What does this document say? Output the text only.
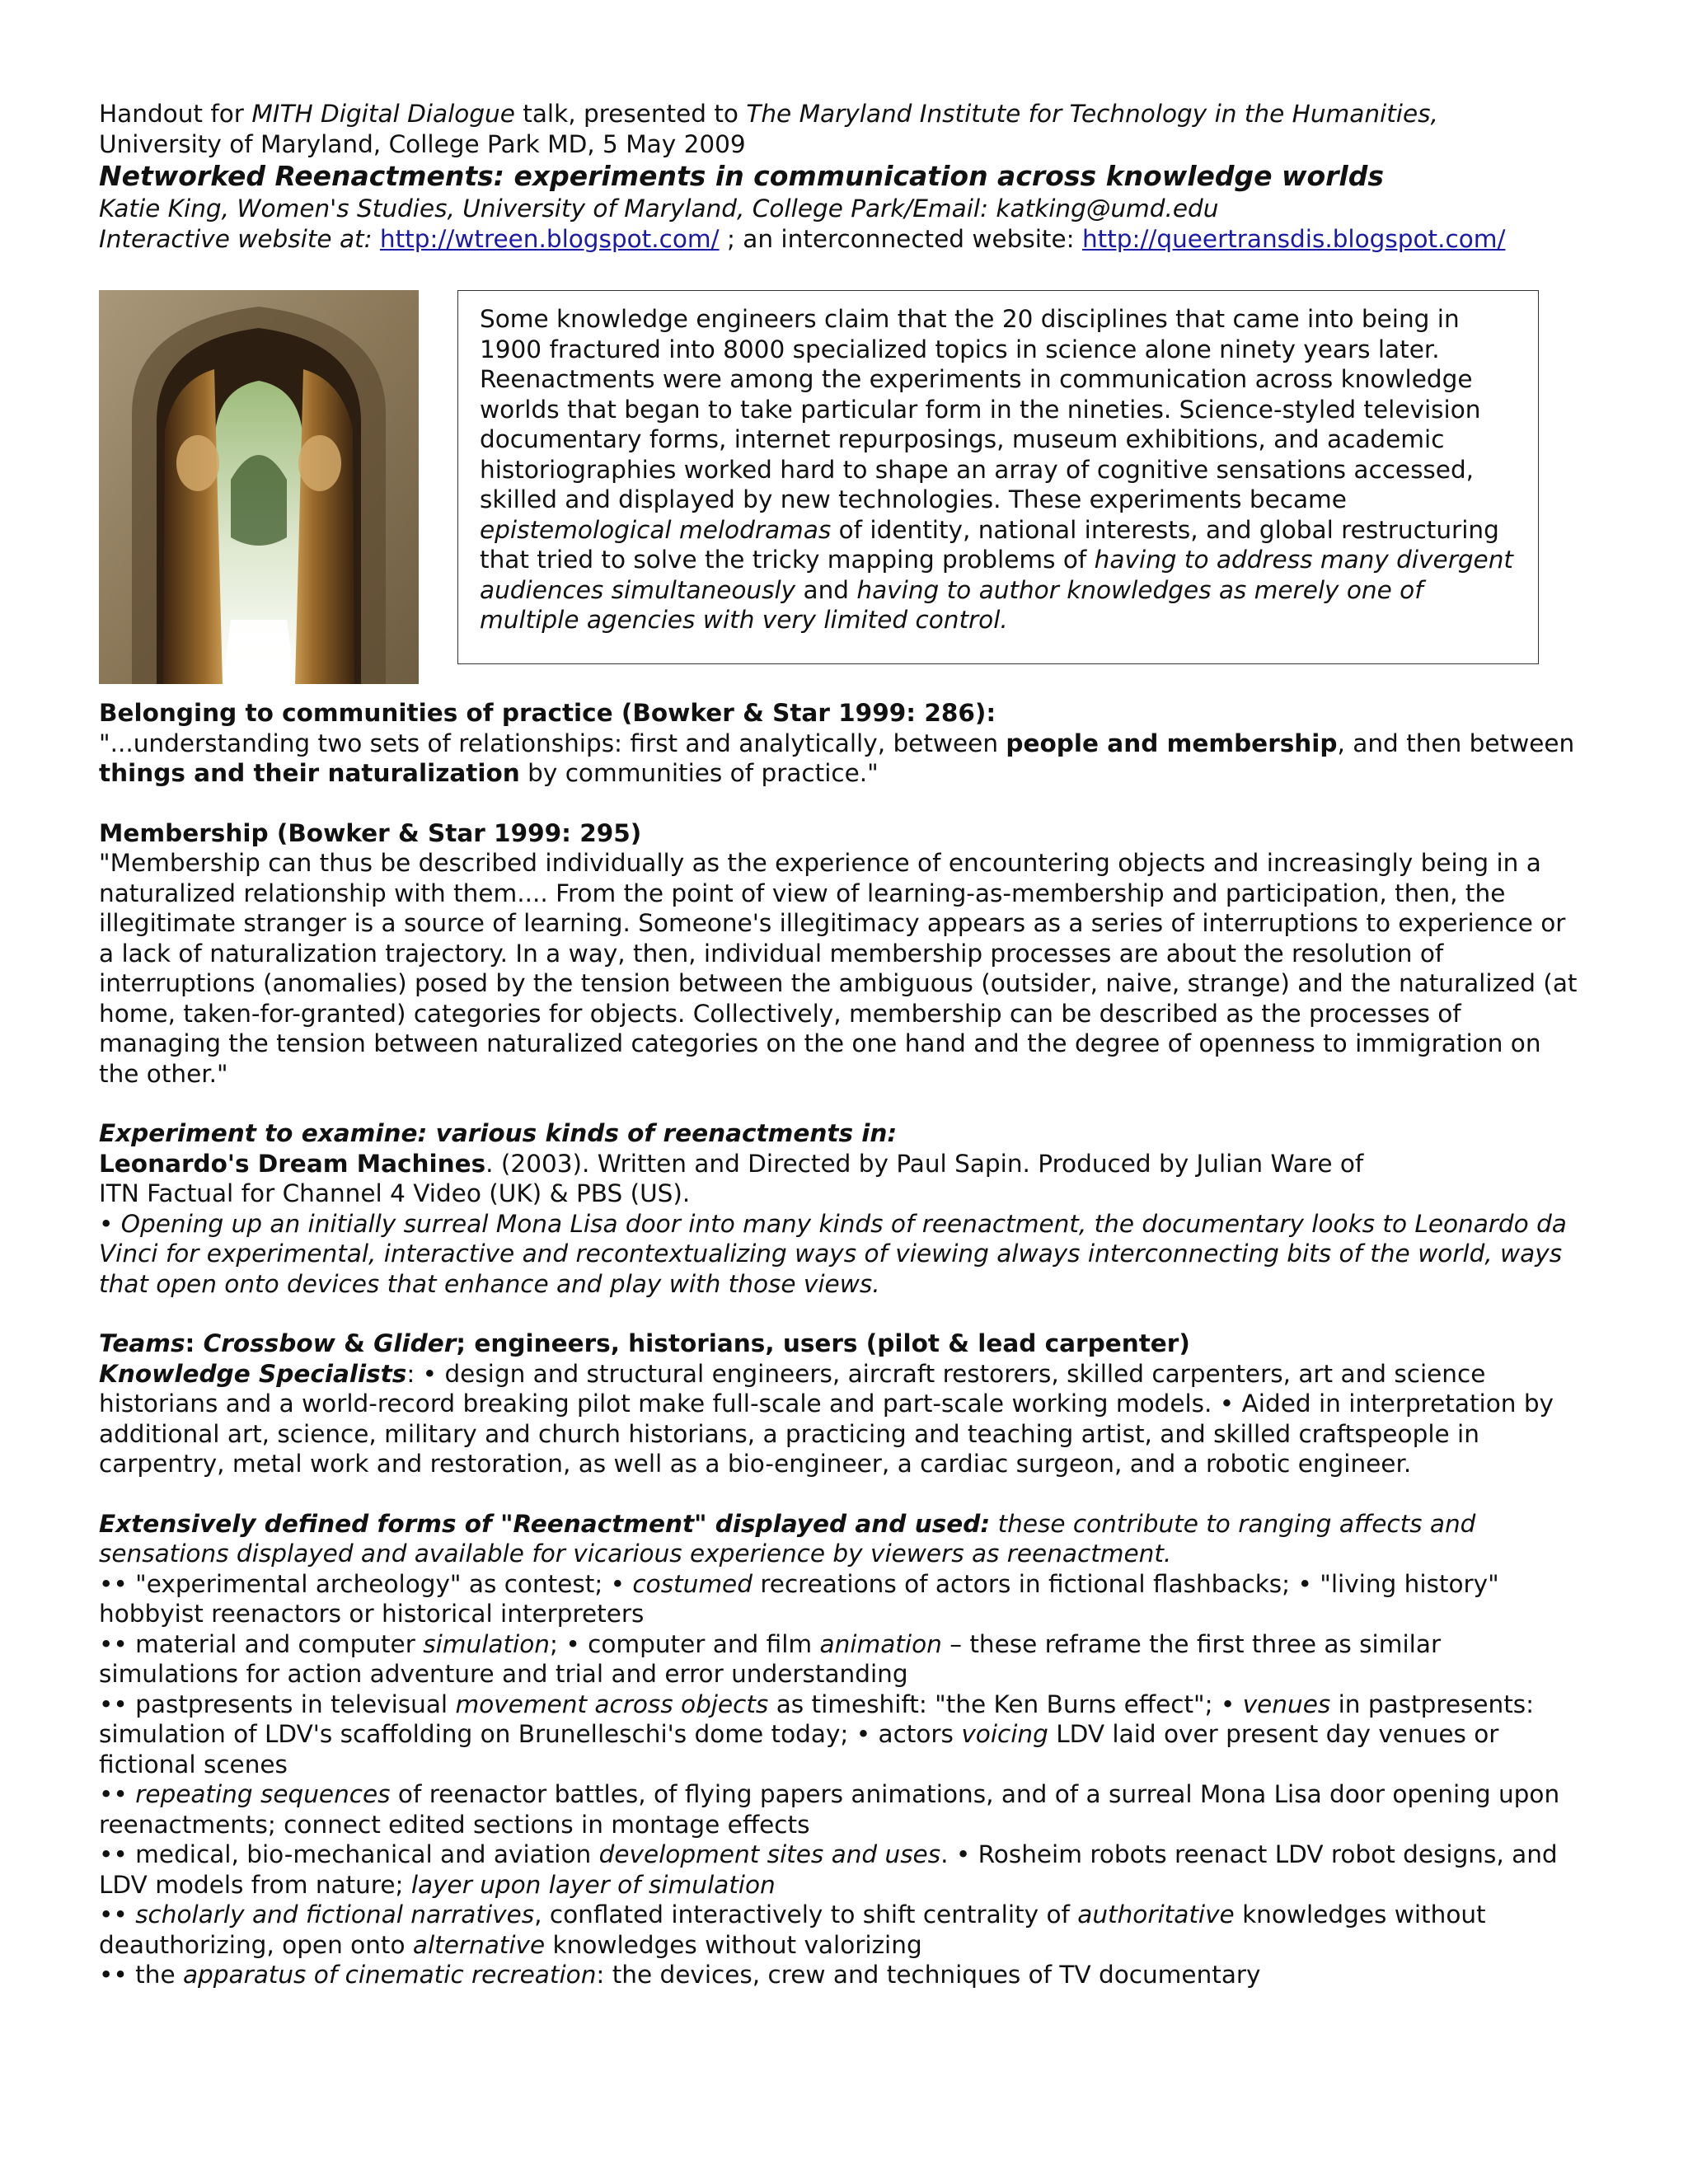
Handout for MITH Digital Dialogue talk, presented to The Maryland Institute for Technology in the Humanities,

University of Maryland, College Park MD, 5 May 2009

Networked Reenactments: experiments in communication across knowledge worlds

Katie King, Women's Studies, University of Maryland, College Park/Email: katking@umd.edu

Interactive website at: http://wtreen.blogspot.com/ ; an interconnected website: http://queertransdis.blogspot.com/

Some knowledge engineers claim that the 20 disciplines that came into being in 1900 fractured into 8000 specialized topics in science alone ninety years later. Reenactments were among the experiments in communication across knowledge worlds that began to take particular form in the nineties. Science-styled television documentary forms, internet repurposings, museum exhibitions, and academic historiographies worked hard to shape an array of cognitive sensations accessed, skilled and displayed by new technologies. These experiments became epistemological melodramas of identity, national interests, and global restructuring that tried to solve the tricky mapping problems of having to address many divergent audiences simultaneously and having to author knowledges as merely one of multiple agencies with very limited control.

Belonging to communities of practice (Bowker & Star 1999: 286):

"...understanding two sets of relationships: first and analytically, between people and membership, and then between things and their naturalization by communities of practice."

Membership (Bowker & Star 1999: 295)

"Membership can thus be described individually as the experience of encountering objects and increasingly being in a naturalized relationship with them.... From the point of view of learning-as-membership and participation, then, the illegitimate stranger is a source of learning. Someone's illegitimacy appears as a series of interruptions to experience or a lack of naturalization trajectory. In a way, then, individual membership processes are about the resolution of interruptions (anomalies) posed by the tension between the ambiguous (outsider, naive, strange) and the naturalized (at home, taken-for-granted) categories for objects. Collectively, membership can be described as the processes of managing the tension between naturalized categories on the one hand and the degree of openness to immigration on the other."

Experiment to examine: various kinds of reenactments in:

Leonardo's Dream Machines. (2003). Written and Directed by Paul Sapin. Produced by Julian Ware of

ITN Factual for Channel 4 Video (UK) & PBS (US).

• Opening up an initially surreal Mona Lisa door into many kinds of reenactment, the documentary looks to Leonardo da Vinci for experimental, interactive and recontextualizing ways of viewing always interconnecting bits of the world, ways that open onto devices that enhance and play with those views.

Teams: Crossbow & Glider; engineers, historians, users (pilot & lead carpenter)

Knowledge Specialists: • design and structural engineers, aircraft restorers, skilled carpenters, art and science historians and a world-record breaking pilot make full-scale and part-scale working models. • Aided in interpretation by additional art, science, military and church historians, a practicing and teaching artist, and skilled craftspeople in carpentry, metal work and restoration, as well as a bio-engineer, a cardiac surgeon, and a robotic engineer.

Extensively defined forms of "Reenactment" displayed and used: these contribute to ranging affects and sensations displayed and available for vicarious experience by viewers as reenactment.

•• "experimental archeology" as contest; • costumed recreations of actors in fictional flashbacks; • "living history" hobbyist reenactors or historical interpreters

•• material and computer simulation; • computer and film animation – these reframe the first three as similar simulations for action adventure and trial and error understanding

•• pastpresents in televisual movement across objects as timeshift: "the Ken Burns effect"; • venues in pastpresents: simulation of LDV's scaffolding on Brunelleschi's dome today; • actors voicing LDV laid over present day venues or fictional scenes

•• repeating sequences of reenactor battles, of flying papers animations, and of a surreal Mona Lisa door opening upon reenactments; connect edited sections in montage effects

•• medical, bio-mechanical and aviation development sites and uses. • Rosheim robots reenact LDV robot designs, and LDV models from nature; layer upon layer of simulation

•• scholarly and fictional narratives, conflated interactively to shift centrality of authoritative knowledges without deauthorizing, open onto alternative knowledges without valorizing

•• the apparatus of cinematic recreation: the devices, crew and techniques of TV documentary
